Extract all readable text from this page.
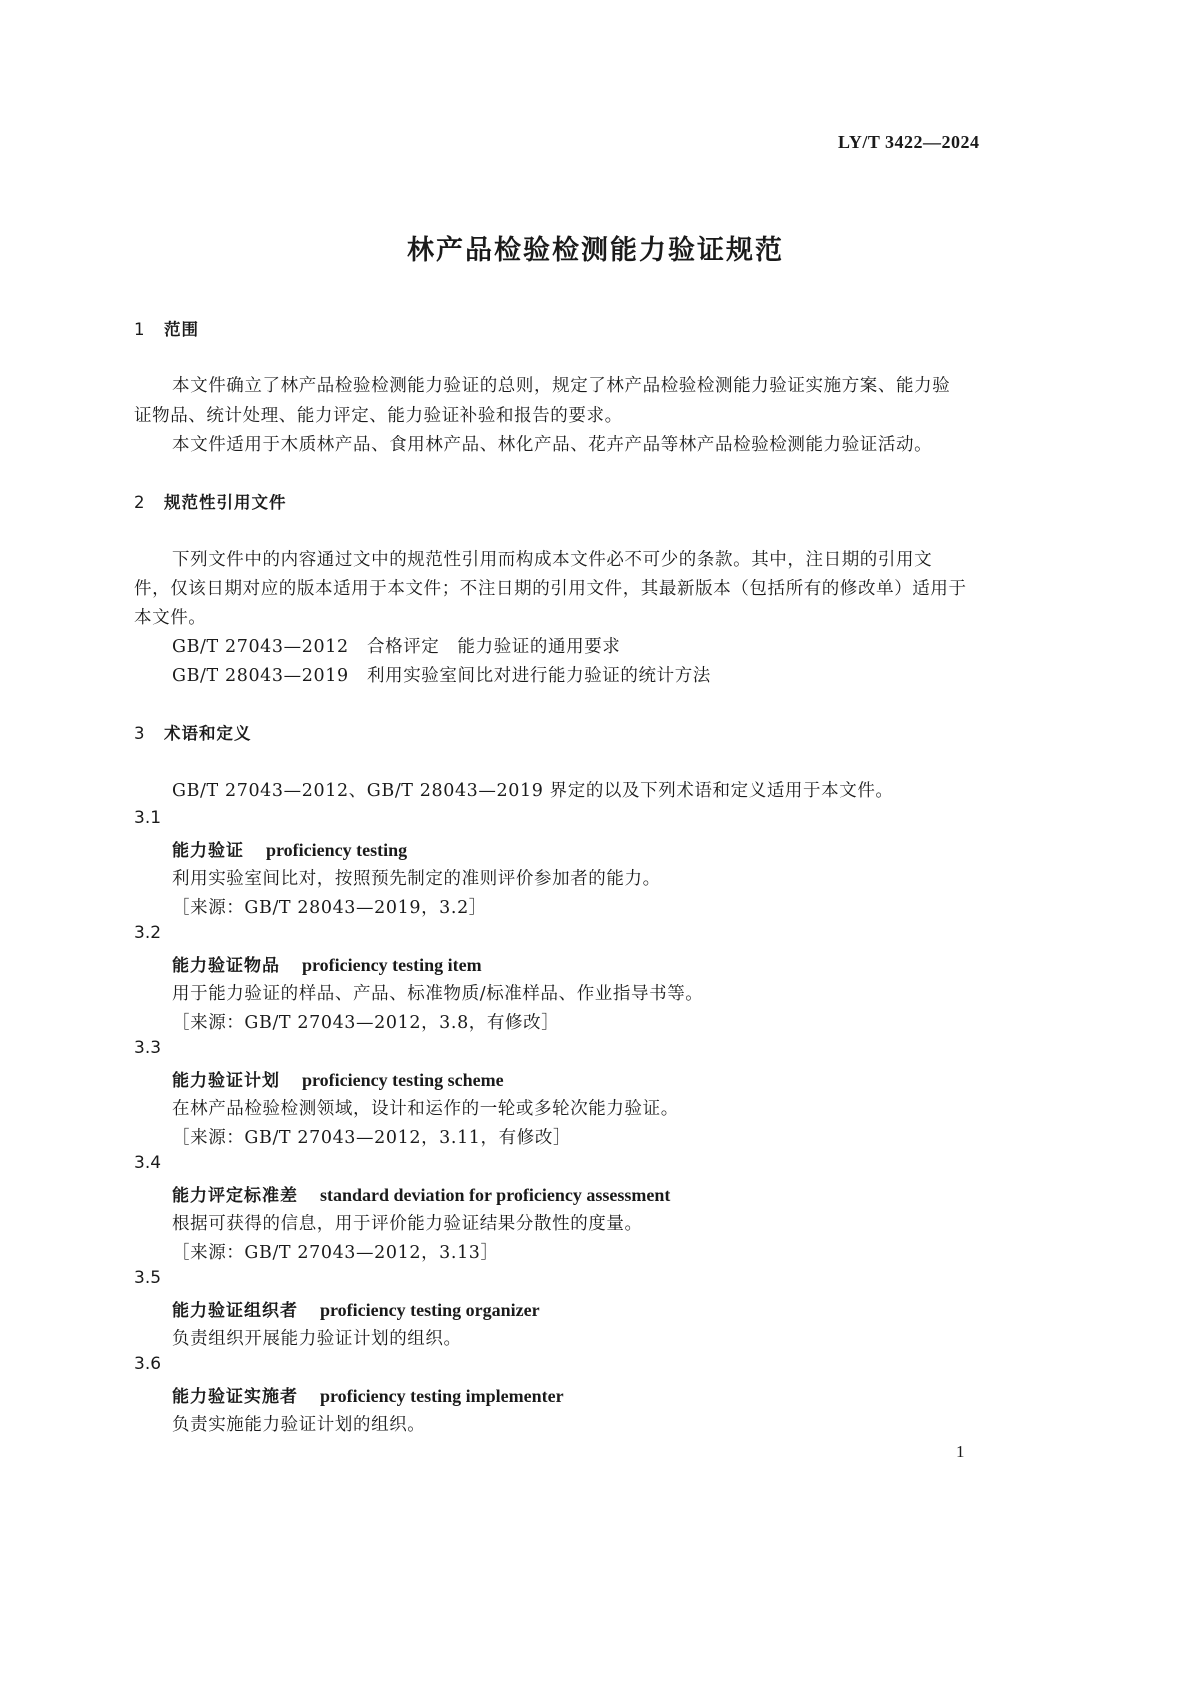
LY/T 3422—2024
林产品检验检测能力验证规范
1 范围
本文件确立了林产品检验检测能力验证的总则，规定了林产品检验检测能力验证实施方案、能力验
证物品、统计处理、能力评定、能力验证补验和报告的要求。
本文件适用于木质林产品、食用林产品、林化产品、花卉产品等林产品检验检测能力验证活动。
2 规范性引用文件
下列文件中的内容通过文中的规范性引用而构成本文件必不可少的条款。其中，注日期的引用文
件，仅该日期对应的版本适用于本文件；不注日期的引用文件，其最新版本（包括所有的修改单）适用于
本文件。
GB/T 27043—2012 合格评定　能力验证的通用要求
GB/T 28043—2019 利用实验室间比对进行能力验证的统计方法
3 术语和定义
GB/T 27043—2012、GB/T 28043—2019 界定的以及下列术语和定义适用于本文件。
3.1
能力验证 proficiency testing
利用实验室间比对，按照预先制定的准则评价参加者的能力。
［来源：GB/T 28043—2019，3.2］
3.2
能力验证物品 proficiency testing item
用于能力验证的样品、产品、标准物质/标准样品、作业指导书等。
［来源：GB/T 27043—2012，3.8，有修改］
3.3
能力验证计划 proficiency testing scheme
在林产品检验检测领域，设计和运作的一轮或多轮次能力验证。
［来源：GB/T 27043—2012，3.11，有修改］
3.4
能力评定标准差 standard deviation for proficiency assessment
根据可获得的信息，用于评价能力验证结果分散性的度量。
［来源：GB/T 27043—2012，3.13］
3.5
能力验证组织者 proficiency testing organizer
负责组织开展能力验证计划的组织。
3.6
能力验证实施者 proficiency testing implementer
负责实施能力验证计划的组织。
1
